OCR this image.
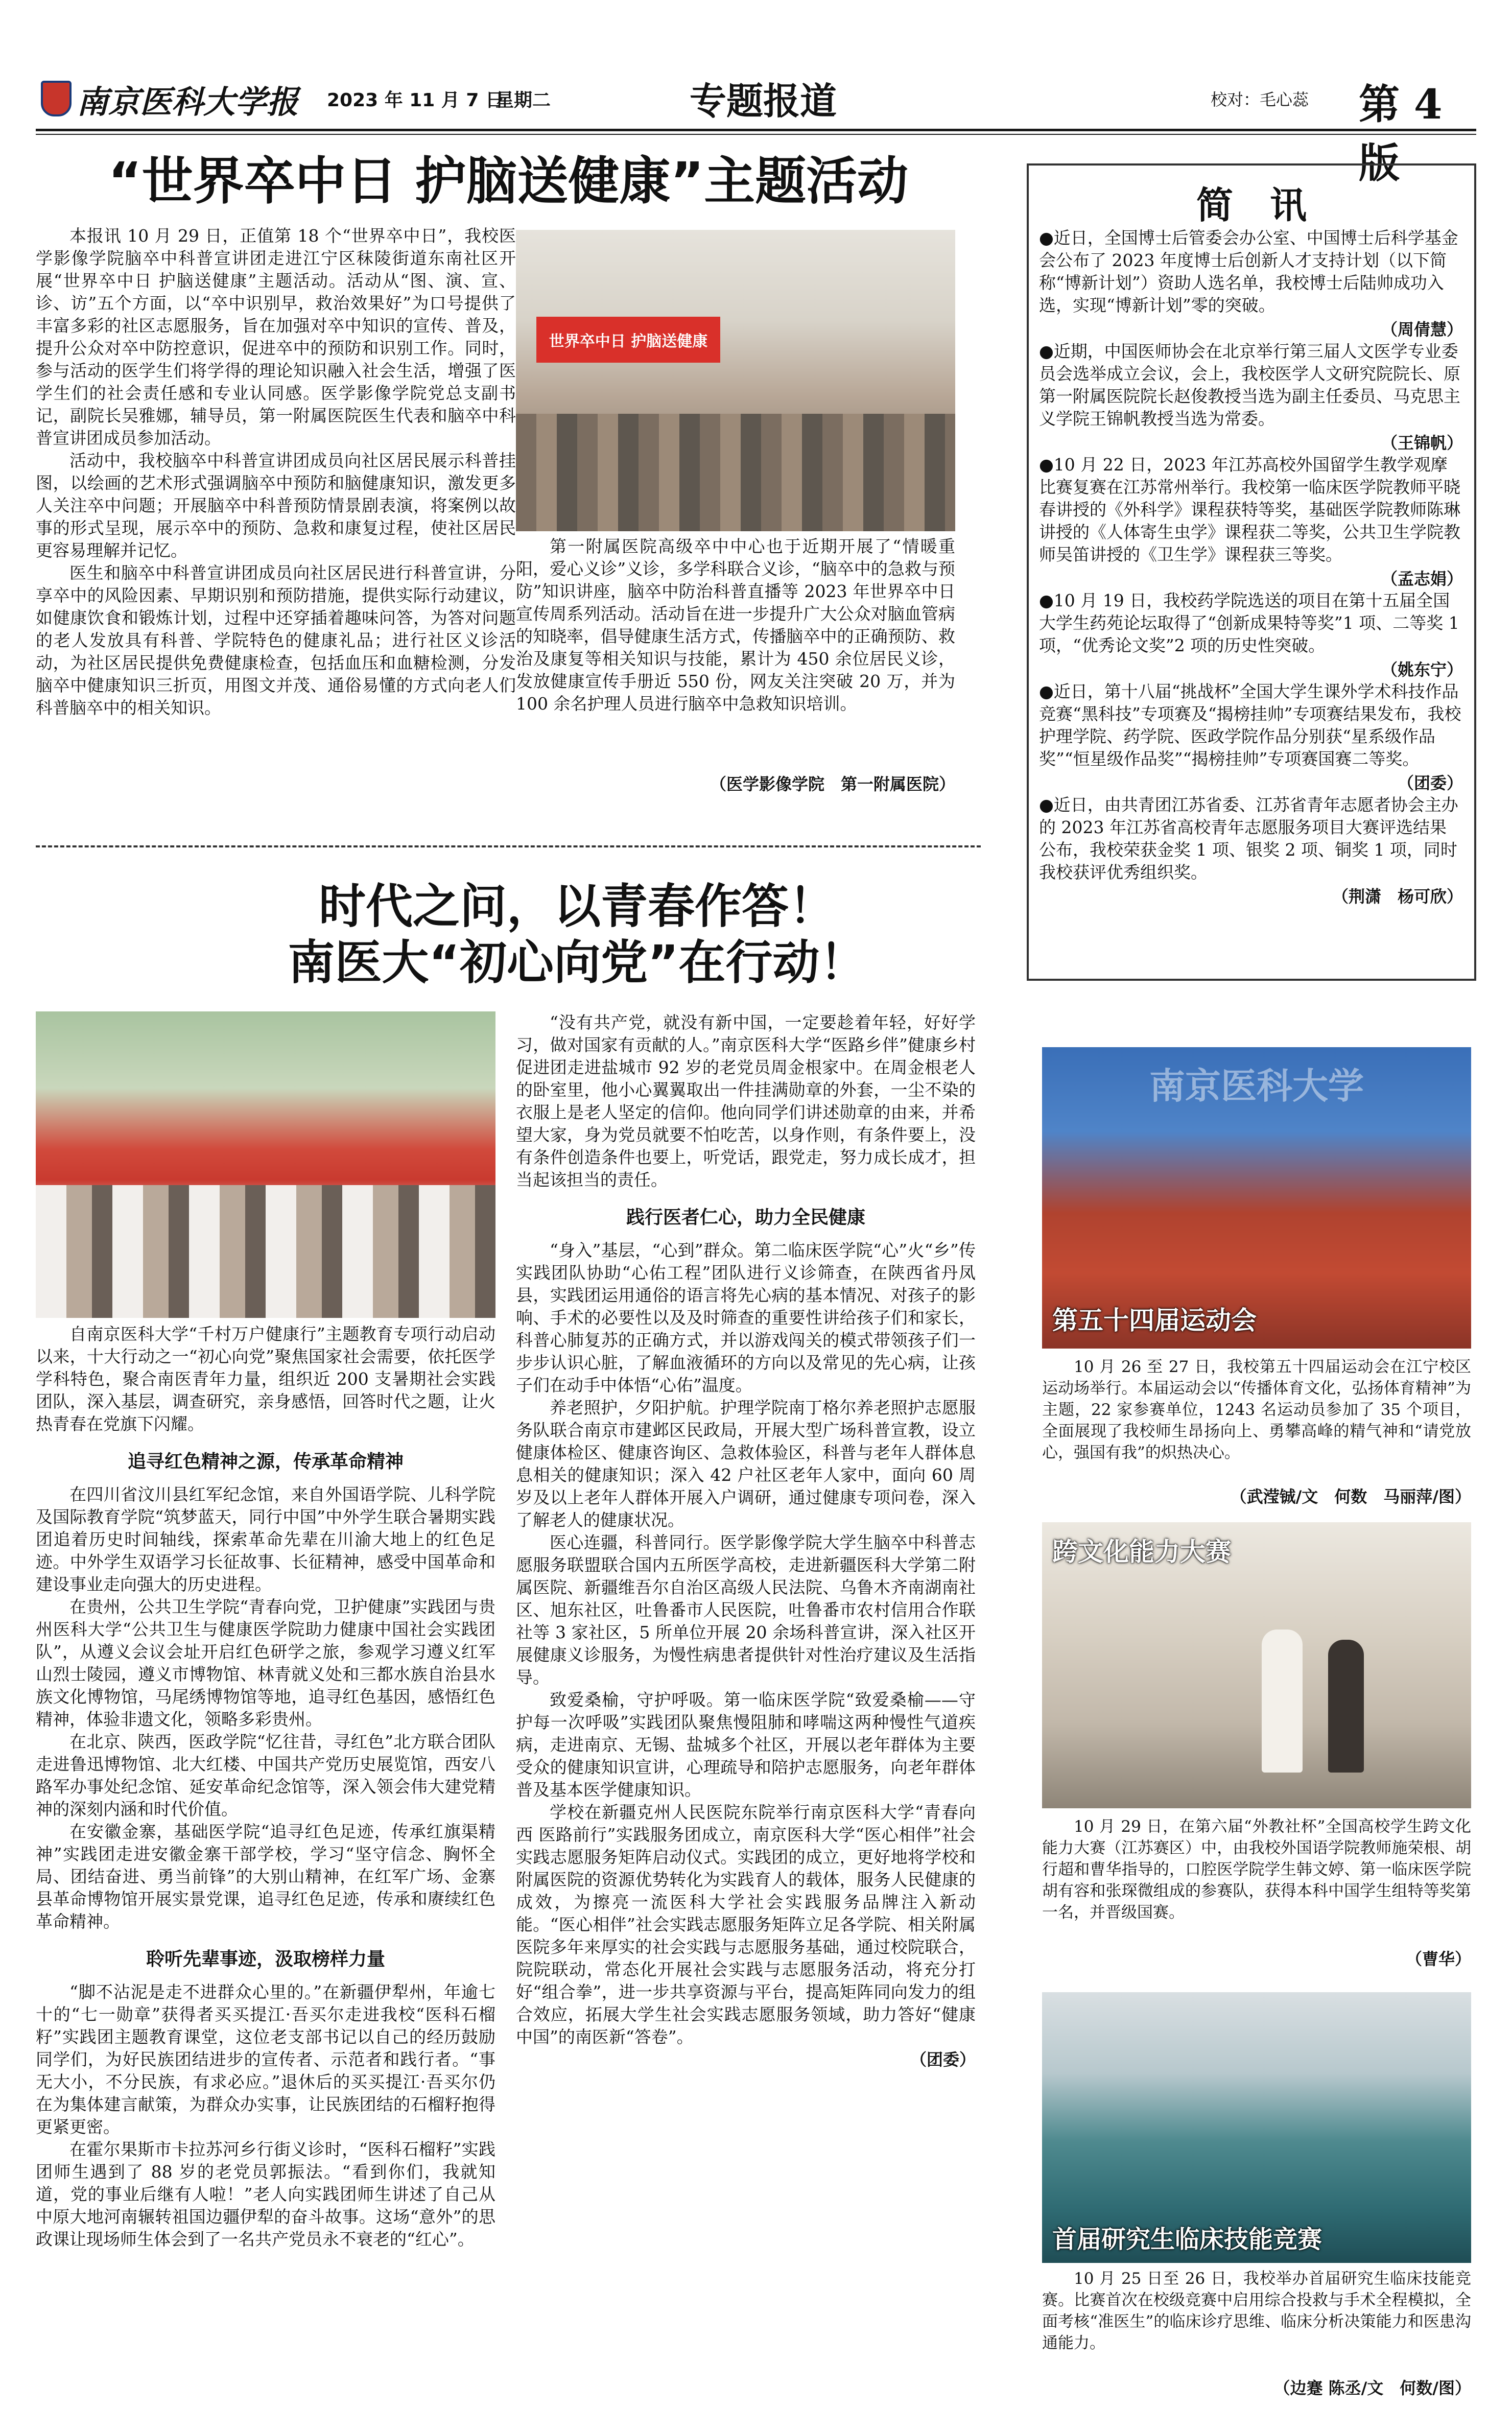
南京医科大学报 2023 年 11 月 7 日
星期二	专题报道	校对：毛心蕊 第 4 版
“世界卒中日 护脑送健康”主题活动

本报讯 10 月 29 日，正值第 18 个“世界卒中日”，我校医学影像学院脑卒中科普宣讲团走进江宁区秣陵街道东南社区开展“世界卒中日 护脑送健康”主题活动。活动从“图、演、宣、诊、访”五个方面，以“卒中识别早，救治效果好”为口号提供了丰富多彩的社区志愿服务，旨在加强对卒中知识的宣传、普及，提升公众对卒中防控意识，促进卒中的预防和识别工作。同时，参与活动的医学生们将学得的理论知识融入社会生活，增强了医学生们的社会责任感和专业认同感。医学影像学院党总支副书记，副院长吴雅娜，辅导员，第一附属医院医生代表和脑卒中科普宣讲团成员参加活动。

活动中，我校脑卒中科普宣讲团成员向社区居民展示科普挂图，以绘画的艺术形式强调脑卒中预防和脑健康知识，激发更多人关注卒中问题；开展脑卒中科普预防情景剧表演，将案例以故事的形式呈现，展示卒中的预防、急救和康复过程，使社区居民更容易理解并记忆。

医生和脑卒中科普宣讲团成员向社区居民进行科普宣讲，分享卒中的风险因素、早期识别和预防措施，提供实际行动建议，如健康饮食和锻炼计划，过程中还穿插着趣味问答，为答对问题的老人发放具有科普、学院特色的健康礼品；进行社区义诊活动，为社区居民提供免费健康检查，包括血压和血糖检测，分发脑卒中健康知识三折页，用图文并茂、通俗易懂的方式向老人们科普脑卒中的相关知识。

世界卒中日 护脑送健康

第一附属医院高级卒中中心也于近期开展了“情暖重阳，爱心义诊”义诊，多学科联合义诊，“脑卒中的急救与预防”知识讲座，脑卒中防治科普直播等 2023 年世界卒中日宣传周系列活动。活动旨在进一步提升广大公众对脑血管病的知晓率，倡导健康生活方式，传播脑卒中的正确预防、救治及康复等相关知识与技能，累计为 450 余位居民义诊，发放健康宣传手册近 550 份，网友关注突破 20 万，并为 100 余名护理人员进行脑卒中急救知识培训。

（医学影像学院　第一附属医院）
简　讯

●近日，全国博士后管委会办公室、中国博士后科学基金会公布了 2023 年度博士后创新人才支持计划（以下简称“博新计划”）资助人选名单，我校博士后陆帅成功入选，实现“博新计划”零的突破。

（周倩慧）

●近期，中国医师协会在北京举行第三届人文医学专业委员会选举成立会议，会上，我校医学人文研究院院长、原第一附属医院院长赵俊教授当选为副主任委员、马克思主义学院王锦帆教授当选为常委。

（王锦帆）

●10 月 22 日，2023 年江苏高校外国留学生教学观摩比赛复赛在江苏常州举行。我校第一临床医学院教师平晓春讲授的《外科学》课程获特等奖，基础医学院教师陈琳讲授的《人体寄生虫学》课程获二等奖，公共卫生学院教师吴笛讲授的《卫生学》课程获三等奖。

（孟志娟）

●10 月 19 日，我校药学院选送的项目在第十五届全国大学生药苑论坛取得了“创新成果特等奖”1 项、二等奖 1 项，“优秀论文奖”2 项的历史性突破。

（姚东宁）

●近日，第十八届“挑战杯”全国大学生课外学术科技作品竞赛“黑科技”专项赛及“揭榜挂帅”专项赛结果发布，我校护理学院、药学院、医政学院作品分别获“星系级作品奖”“恒星级作品奖”“揭榜挂帅”专项赛国赛二等奖。

（团委）

●近日，由共青团江苏省委、江苏省青年志愿者协会主办的 2023 年江苏省高校青年志愿服务项目大赛评选结果公布，我校荣获金奖 1 项、银奖 2 项、铜奖 1 项，同时我校获评优秀组织奖。

（荆潇　杨可欣）
时代之问，以青春作答！
南医大“初心向党”在行动！

自南京医科大学“千村万户健康行”主题教育专项行动启动以来，十大行动之一“初心向党”聚焦国家社会需要，依托医学学科特色，聚合南医青年力量，组织近 200 支暑期社会实践团队，深入基层，调查研究，亲身感悟，回答时代之题，让火热青春在党旗下闪耀。

追寻红色精神之源，传承革命精神

在四川省汶川县红军纪念馆，来自外国语学院、儿科学院及国际教育学院“筑梦蓝天，同行中国”中外学生联合暑期实践团追着历史时间轴线，探索革命先辈在川渝大地上的红色足迹。中外学生双语学习长征故事、长征精神，感受中国革命和建设事业走向强大的历史进程。

在贵州，公共卫生学院“青春向党，卫护健康”实践团与贵州医科大学“公共卫生与健康医学院助力健康中国社会实践团队”，从遵义会议会址开启红色研学之旅，参观学习遵义红军山烈士陵园，遵义市博物馆、林青就义处和三都水族自治县水族文化博物馆，马尾绣博物馆等地，追寻红色基因，感悟红色精神，体验非遗文化，领略多彩贵州。

在北京、陕西，医政学院“忆往昔，寻红色”北方联合团队走进鲁迅博物馆、北大红楼、中国共产党历史展览馆，西安八路军办事处纪念馆、延安革命纪念馆等，深入领会伟大建党精神的深刻内涵和时代价值。

在安徽金寨，基础医学院“追寻红色足迹，传承红旗渠精神”实践团走进安徽金寨干部学校，学习“坚守信念、胸怀全局、团结奋进、勇当前锋”的大别山精神，在红军广场、金寨县革命博物馆开展实景党课，追寻红色足迹，传承和赓续红色革命精神。

聆听先辈事迹，汲取榜样力量

“脚不沾泥是走不进群众心里的。”在新疆伊犁州，年逾七十的“七一勋章”获得者买买提江·吾买尔走进我校“医科石榴籽”实践团主题教育课堂，这位老支部书记以自己的经历鼓励同学们，为好民族团结进步的宣传者、示范者和践行者。“事无大小，不分民族，有求必应。”退休后的买买提江·吾买尔仍在为集体建言献策，为群众办实事，让民族团结的石榴籽抱得更紧更密。

在霍尔果斯市卡拉苏河乡行街义诊时，“医科石榴籽”实践团师生遇到了 88 岁的老党员郭振法。“看到你们，我就知道，党的事业后继有人啦！”老人向实践团师生讲述了自己从中原大地河南辗转祖国边疆伊犁的奋斗故事。这场“意外”的思政课让现场师生体会到了一名共产党员永不衰老的“红心”。

“没有共产党，就没有新中国，一定要趁着年轻，好好学习，做对国家有贡献的人。”南京医科大学“医路乡伴”健康乡村促进团走进盐城市 92 岁的老党员周金根家中。在周金根老人的卧室里，他小心翼翼取出一件挂满勋章的外套，一尘不染的衣服上是老人坚定的信仰。他向同学们讲述勋章的由来，并希望大家，身为党员就要不怕吃苦，以身作则，有条件要上，没有条件创造条件也要上，听党话，跟党走，努力成长成才，担当起该担当的责任。

践行医者仁心，助力全民健康

“身入”基层，“心到”群众。第二临床医学院“心”火“乡”传实践团队协助“心佑工程”团队进行义诊筛查，在陕西省丹凤县，实践团运用通俗的语言将先心病的基本情况、对孩子的影响、手术的必要性以及及时筛查的重要性讲给孩子们和家长，科普心肺复苏的正确方式，并以游戏闯关的模式带领孩子们一步步认识心脏，了解血液循环的方向以及常见的先心病，让孩子们在动手中体悟“心佑”温度。

养老照护，夕阳护航。护理学院南丁格尔养老照护志愿服务队联合南京市建邺区民政局，开展大型广场科普宣教，设立健康体检区、健康咨询区、急救体验区，科普与老年人群体息息相关的健康知识；深入 42 户社区老年人家中，面向 60 周岁及以上老年人群体开展入户调研，通过健康专项问卷，深入了解老人的健康状况。

医心连疆，科普同行。医学影像学院大学生脑卒中科普志愿服务联盟联合国内五所医学高校，走进新疆医科大学第二附属医院、新疆维吾尔自治区高级人民法院、乌鲁木齐南湖南社区、旭东社区，吐鲁番市人民医院，吐鲁番市农村信用合作联社等 3 家社区，5 所单位开展 20 余场科普宣讲，深入社区开展健康义诊服务，为慢性病患者提供针对性治疗建议及生活指导。

致爱桑榆，守护呼吸。第一临床医学院“致爱桑榆——守护每一次呼吸”实践团队聚焦慢阻肺和哮喘这两种慢性气道疾病，走进南京、无锡、盐城多个社区，开展以老年群体为主要受众的健康知识宣讲，心理疏导和陪护志愿服务，向老年群体普及基本医学健康知识。

学校在新疆克州人民医院东院举行南京医科大学“青春向西 医路前行”实践服务团成立，南京医科大学“医心相伴”社会实践志愿服务矩阵启动仪式。实践团的成立，更好地将学校和附属医院的资源优势转化为实践育人的载体，服务人民健康的成效，为擦亮一流医科大学社会实践服务品牌注入新动能。“医心相伴”社会实践志愿服务矩阵立足各学院、相关附属医院多年来厚实的社会实践与志愿服务基础，通过校院联合，院院联动，常态化开展社会实践与志愿服务活动，将充分打好“组合拳”，进一步共享资源与平台，提高矩阵同向发力的组合效应，拓展大学生社会实践志愿服务领域，助力答好“健康中国”的南医新“答卷”。

（团委）
南京医科大学
第五十四届运动会
10 月 26 至 27 日，我校第五十四届运动会在江宁校区运动场举行。本届运动会以“传播体育文化，弘扬体育精神”为主题，22 家参赛单位，1243 名运动员参加了 35 个项目，全面展现了我校师生昂扬向上、勇攀高峰的精气神和“请党放心，强国有我”的炽热决心。
（武滢铖/文　何数　马丽萍/图）
跨文化能力大赛
10 月 29 日，在第六届“外教社杯”全国高校学生跨文化能力大赛（江苏赛区）中，由我校外国语学院教师施荣根、胡行超和曹华指导的，口腔医学院学生韩文婷、第一临床医学院胡有容和张琛微组成的参赛队，获得本科中国学生组特等奖第一名，并晋级国赛。
（曹华）
首届研究生临床技能竞赛
10 月 25 日至 26 日，我校举办首届研究生临床技能竞赛。比赛首次在校级竞赛中启用综合投救与手术全程模拟，全面考核“准医生”的临床诊疗思维、临床分析决策能力和医患沟通能力。
（边蹇 陈丞/文　何数/图）
